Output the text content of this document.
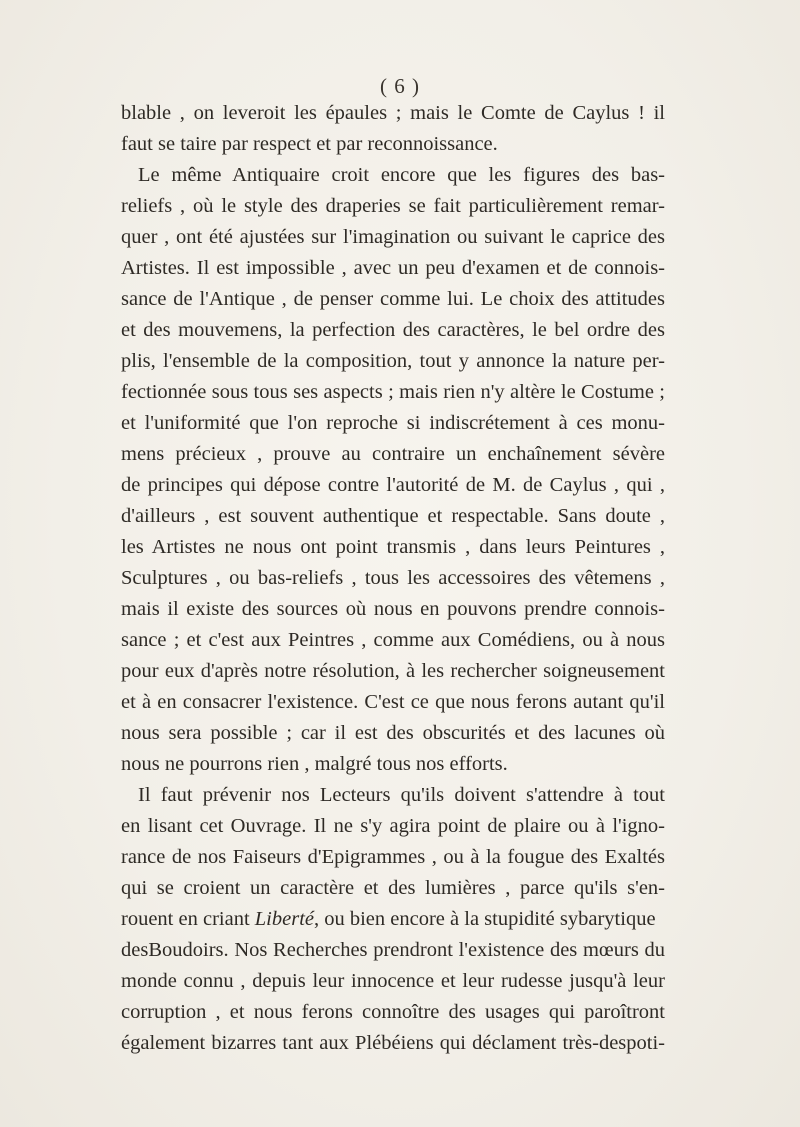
( 6 )
blable , on leveroit les épaules ; mais le Comte de Caylus ! il
faut se taire par respect et par reconnoissance.
Le même Antiquaire croit encore que les figures des bas-
reliefs , où le style des draperies se fait particulièrement remar-
quer , ont été ajustées sur l'imagination ou suivant le caprice des
Artistes. Il est impossible , avec un peu d'examen et de connois-
sance de l'Antique , de penser comme lui. Le choix des attitudes
et des mouvemens, la perfection des caractères, le bel ordre des
plis, l'ensemble de la composition, tout y annonce la nature per-
fectionnée sous tous ses aspects ; mais rien n'y altère le Costume ;
et l'uniformité que l'on reproche si indiscrétement à ces monu-
mens précieux , prouve au contraire un enchaînement sévère
de principes qui dépose contre l'autorité de M. de Caylus , qui ,
d'ailleurs , est souvent authentique et respectable. Sans doute ,
les Artistes ne nous ont point transmis , dans leurs Peintures ,
Sculptures , ou bas-reliefs , tous les accessoires des vêtemens ,
mais il existe des sources où nous en pouvons prendre connois-
sance ; et c'est aux Peintres , comme aux Comédiens, ou à nous
pour eux d'après notre résolution, à les rechercher soigneusement
et à en consacrer l'existence. C'est ce que nous ferons autant qu'il
nous sera possible ; car il est des obscurités et des lacunes où
nous ne pourrons rien , malgré tous nos efforts.
Il faut prévenir nos Lecteurs qu'ils doivent s'attendre à tout
en lisant cet Ouvrage. Il ne s'y agira point de plaire ou à l'igno-
rance de nos Faiseurs d'Epigrammes , ou à la fougue des Exaltés
qui se croient un caractère et des lumières , parce qu'ils s'en-
rouent en criant Liberté, ou bien encore à la stupidité sybarytique
desBoudoirs. Nos Recherches prendront l'existence des mœurs du
monde connu , depuis leur innocence et leur rudesse jusqu'à leur
corruption , et nous ferons connoître des usages qui paroîtront
également bizarres tant aux Plébéiens qui déclament très-despoti-
